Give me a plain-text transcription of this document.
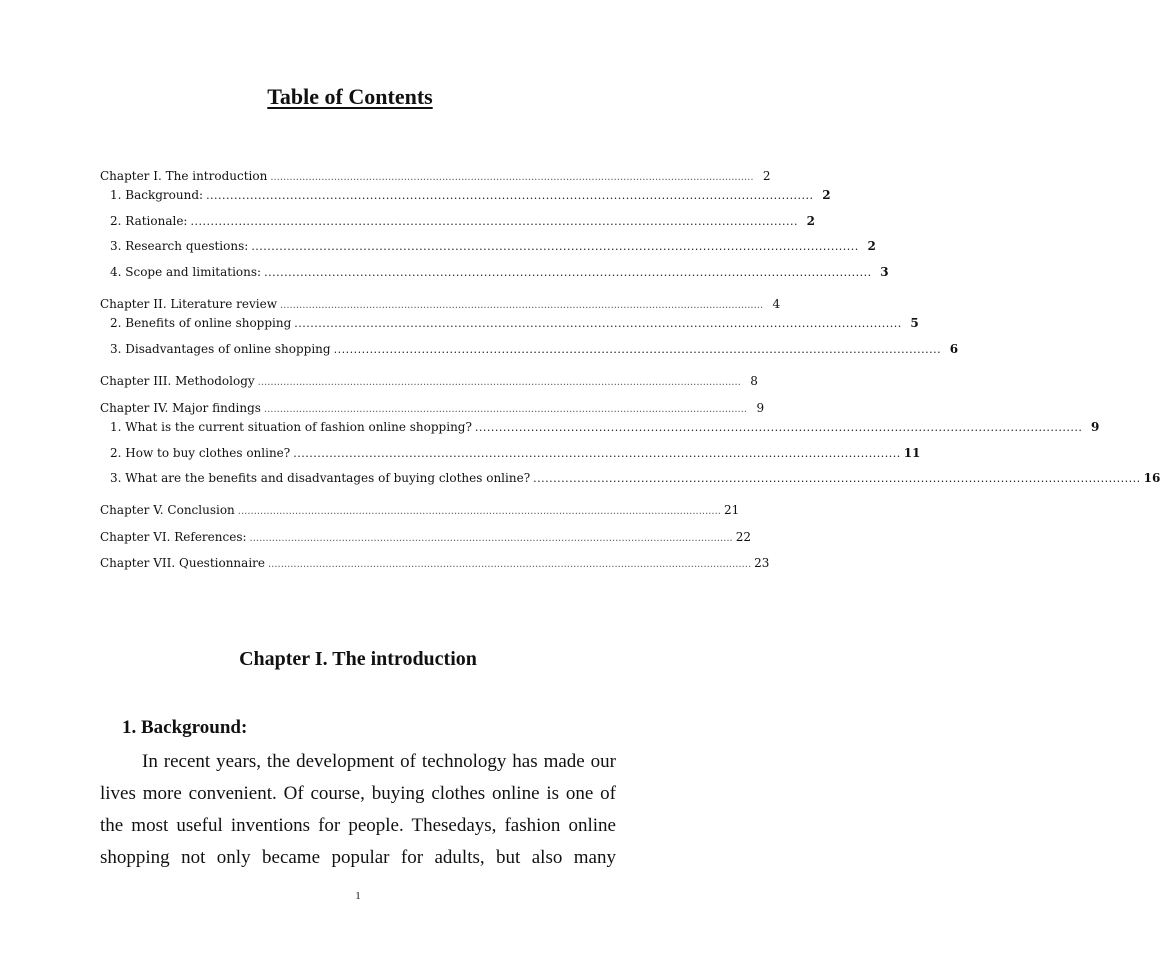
Table of Contents
Chapter I. The introduction ........................................................................................................................................................ 2
1. Background: ........................................................................................................................................................ 2
2. Rationale: ........................................................................................................................................................ 2
3. Research questions: ........................................................................................................................................................ 2
4. Scope and limitations: ........................................................................................................................................................ 3
Chapter II. Literature review ........................................................................................................................................................ 4
2. Benefits of online shopping ........................................................................................................................................................ 5
3. Disadvantages of online shopping ........................................................................................................................................................ 6
Chapter III. Methodology ........................................................................................................................................................ 8
Chapter IV. Major findings ........................................................................................................................................................ 9
1. What is the current situation of fashion online shopping? ........................................................................................................................................................ 9
2. How to buy clothes online? ........................................................................................................................................................ 11
3. What are the benefits and disadvantages of buying clothes online? ........................................................................................................................................................ 16
Chapter V. Conclusion ........................................................................................................................................................ 21
Chapter VI. References: ........................................................................................................................................................ 22
Chapter VII. Questionnaire ........................................................................................................................................................ 23
Chapter I. The introduction
1. Background:
In recent years, the development of technology has made our
lives more convenient. Of course, buying clothes online is one of
the most useful inventions for people. Thesedays, fashion online
shopping not only became popular for adults, but also many
1
